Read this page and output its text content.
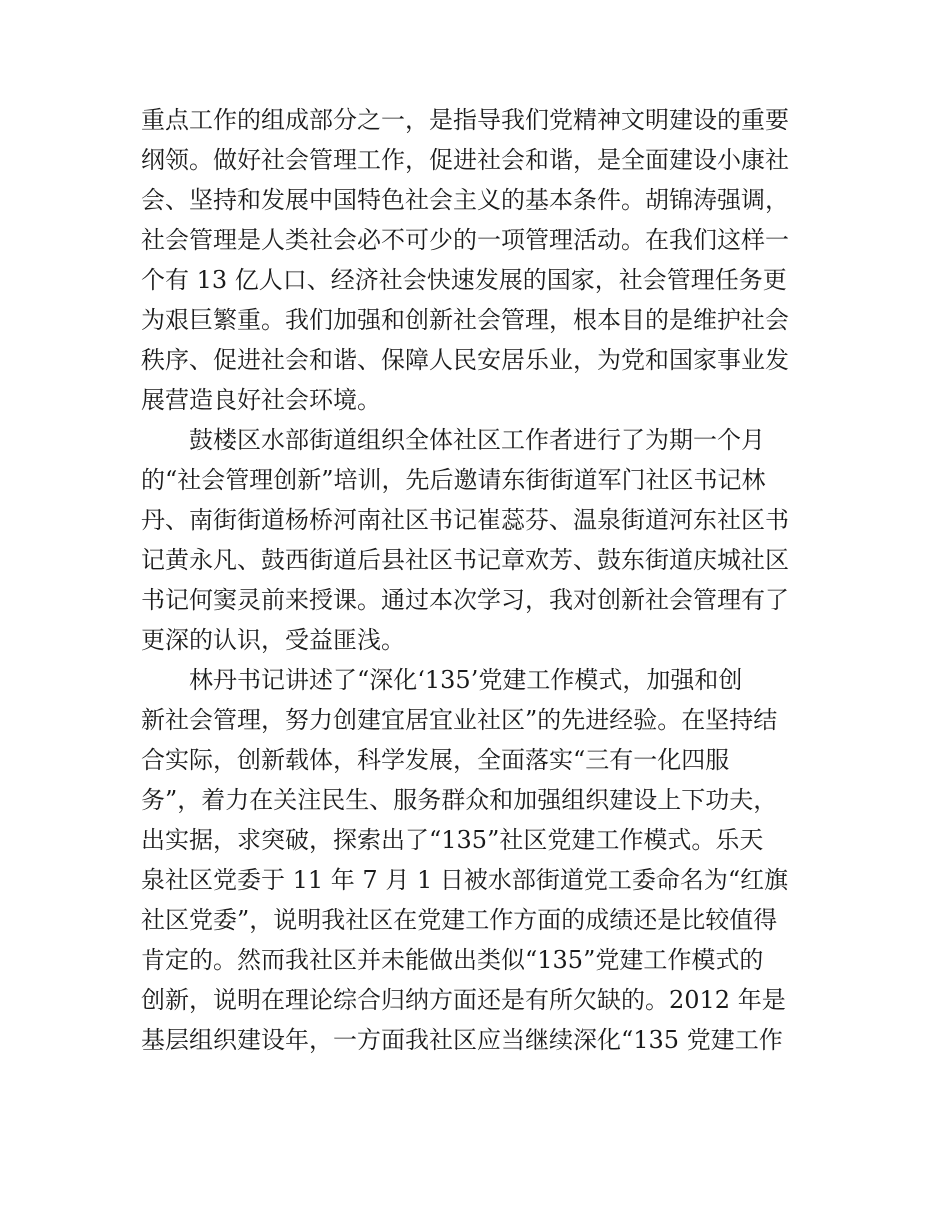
重点工作的组成部分之一，是指导我们党精神文明建设的重要
纲领。做好社会管理工作，促进社会和谐，是全面建设小康社
会、坚持和发展中国特色社会主义的基本条件。胡锦涛强调，
社会管理是人类社会必不可少的一项管理活动。在我们这样一
个有 13 亿人口、经济社会快速发展的国家，社会管理任务更
为艰巨繁重。我们加强和创新社会管理，根本目的是维护社会
秩序、促进社会和谐、保障人民安居乐业，为党和国家事业发
展营造良好社会环境。
　　鼓楼区水部街道组织全体社区工作者进行了为期一个月
的“社会管理创新”培训，先后邀请东街街道军门社区书记林
丹、南街街道杨桥河南社区书记崔蕊芬、温泉街道河东社区书
记黄永凡、鼓西街道后县社区书记章欢芳、鼓东街道庆城社区
书记何窦灵前来授课。通过本次学习，我对创新社会管理有了
更深的认识，受益匪浅。
　　林丹书记讲述了“深化‘135’党建工作模式，加强和创
新社会管理，努力创建宜居宜业社区”的先进经验。在坚持结
合实际，创新载体，科学发展，全面落实“三有一化四服
务”，着力在关注民生、服务群众和加强组织建设上下功夫，
出实据，求突破，探索出了“135”社区党建工作模式。乐天
泉社区党委于 11 年 7 月 1 日被水部街道党工委命名为“红旗
社区党委”，说明我社区在党建工作方面的成绩还是比较值得
肯定的。然而我社区并未能做出类似“135”党建工作模式的
创新，说明在理论综合归纳方面还是有所欠缺的。2012 年是
基层组织建设年，一方面我社区应当继续深化“135 党建工作
